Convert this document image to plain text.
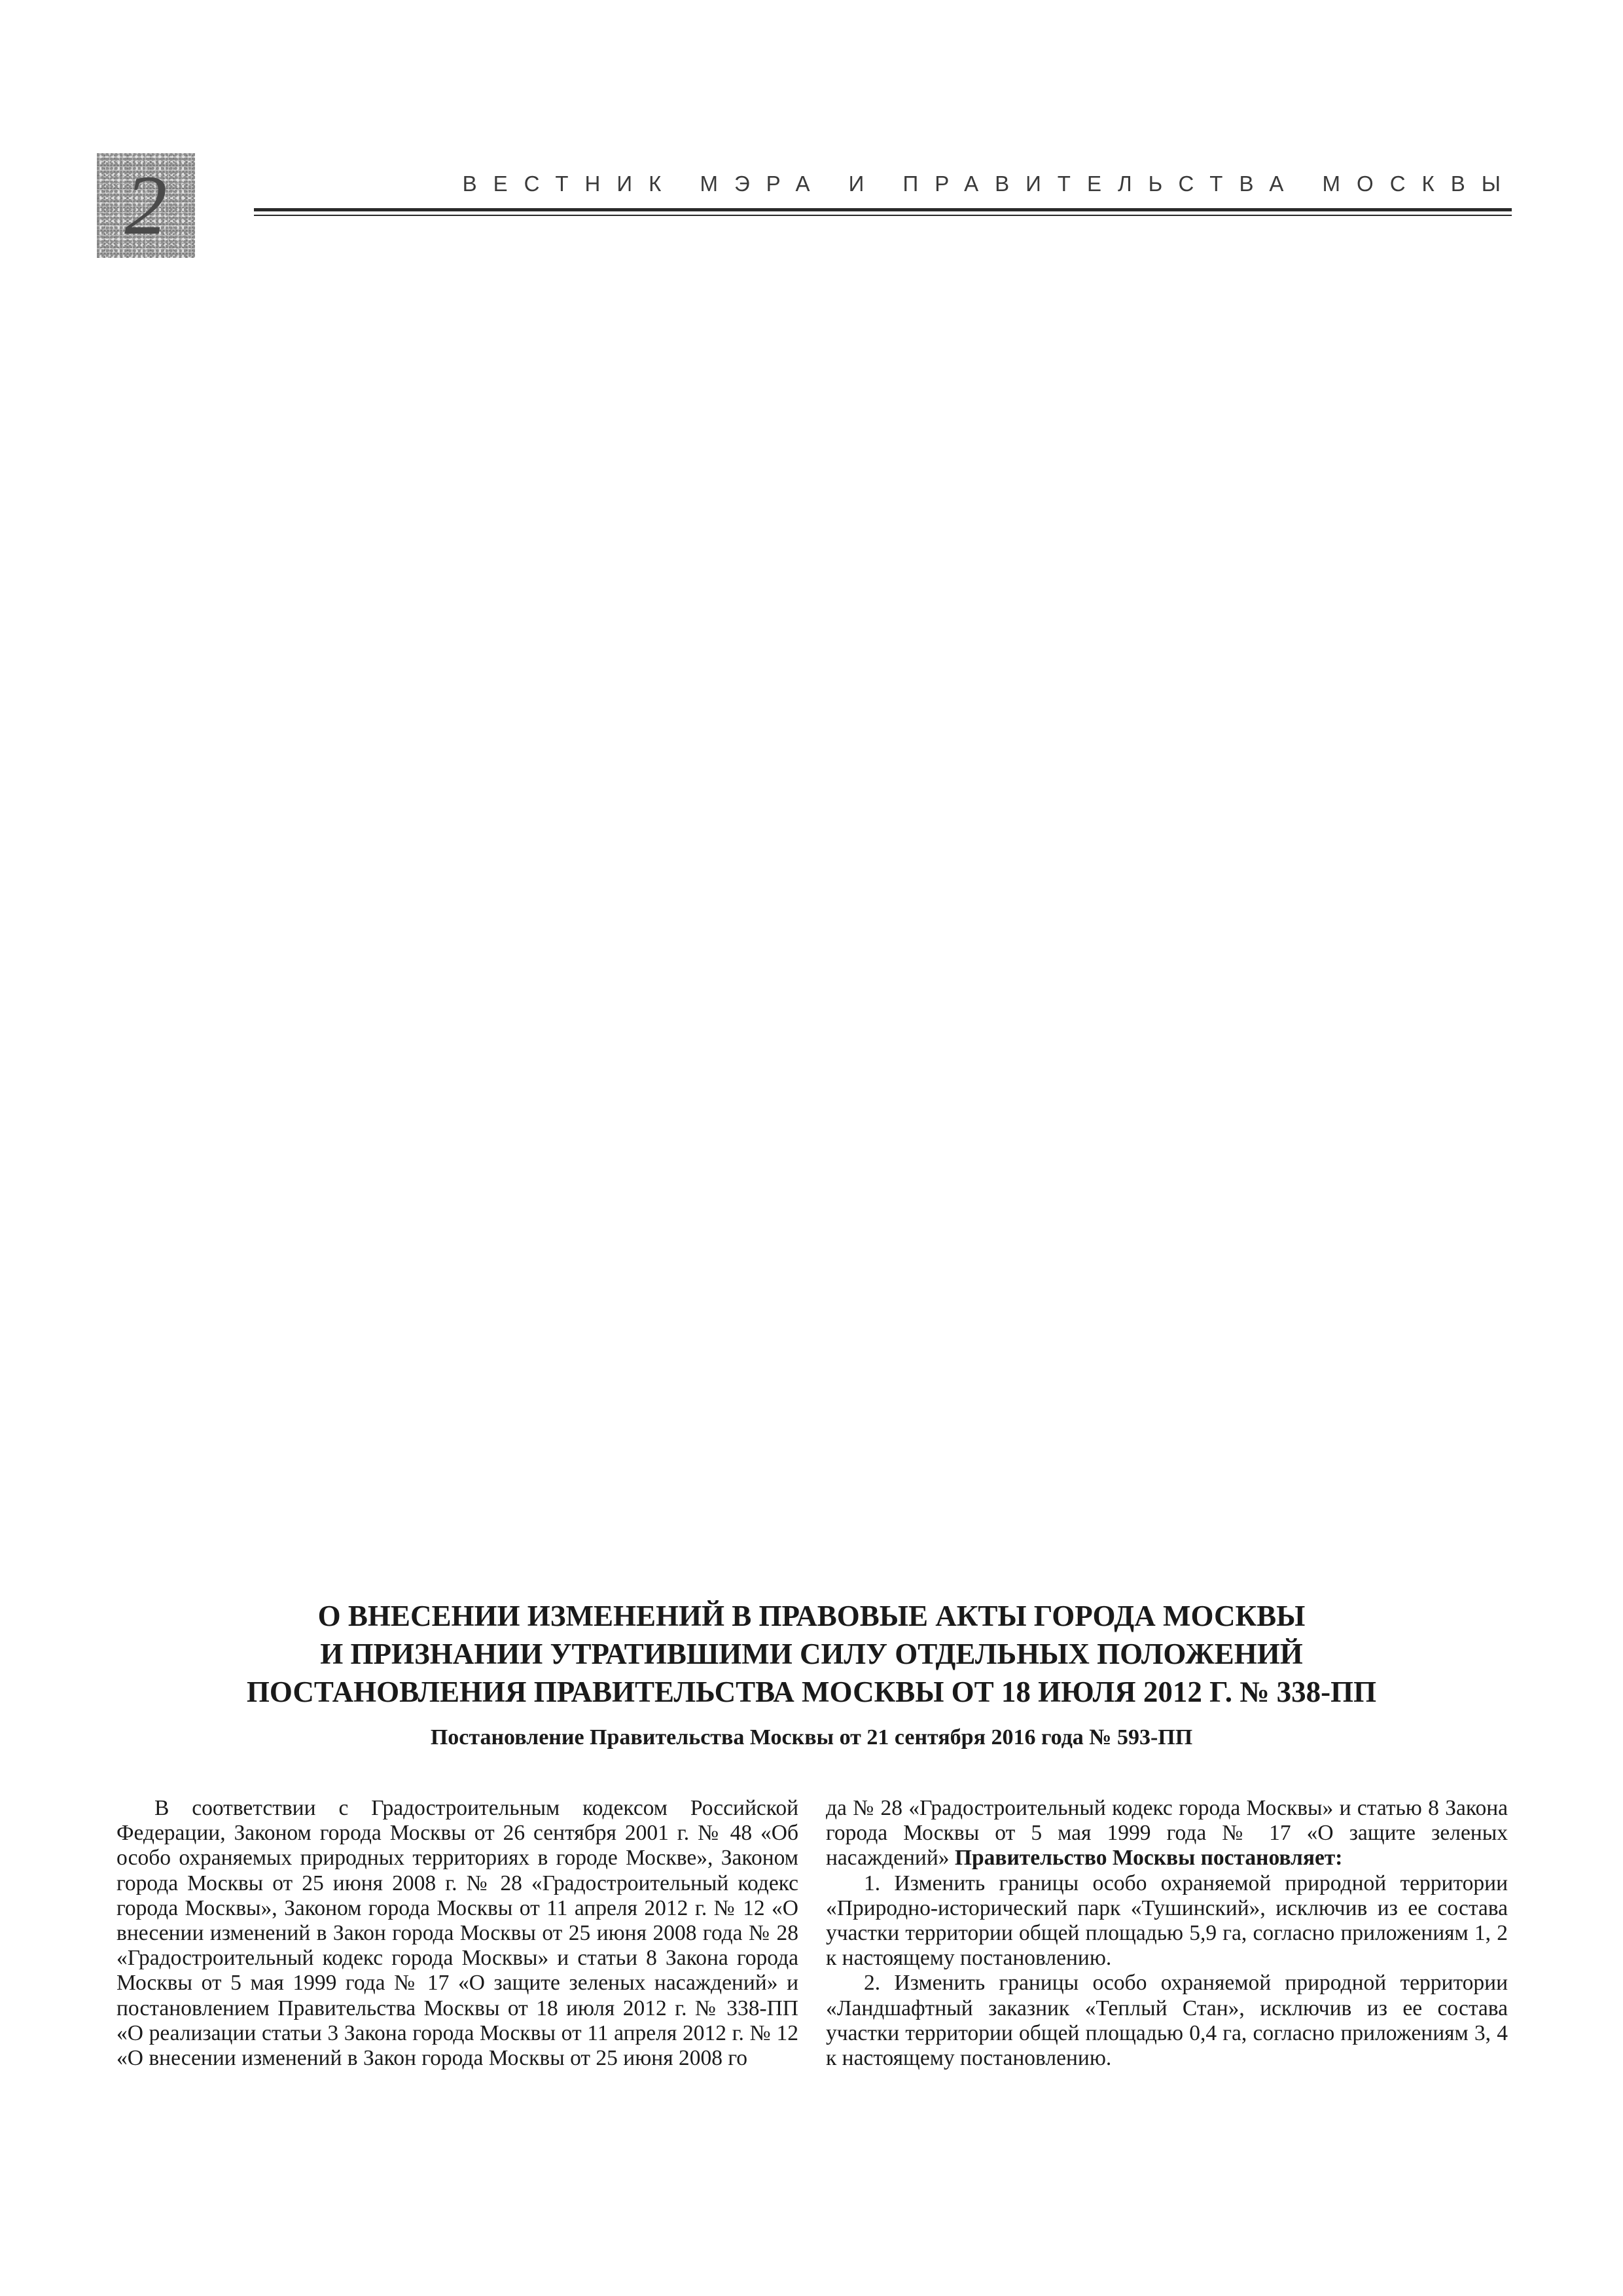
2	ВЕСТНИК МЭРА И ПРАВИТЕЛЬСТВА МОСКВЫ
О ВНЕСЕНИИ ИЗМЕНЕНИЙ В ПРАВОВЫЕ АКТЫ ГОРОДА МОСКВЫ
И ПРИЗНАНИИ УТРАТИВШИМИ СИЛУ ОТДЕЛЬНЫХ ПОЛОЖЕНИЙ
ПОСТАНОВЛЕНИЯ ПРАВИТЕЛЬСТВА МОСКВЫ ОТ 18 ИЮЛЯ 2012 Г. № 338-ПП
Постановление Правительства Москвы от 21 сентября 2016 года № 593-ПП

В соответствии с Градостроительным кодексом Российской Федерации, Законом города Москвы от 26 сентября 2001 г. № 48 «Об особо охраняемых природных территориях в городе Москве», Законом города Москвы от 25 июня 2008 г. № 28 «Градостроительный кодекс города Москвы», Законом города Москвы от 11 апреля 2012 г. № 12 «О внесении изменений в Закон города Москвы от 25 июня 2008 года № 28 «Градостроительный кодекс города Москвы» и статьи 8 Закона города Москвы от 5 мая 1999 года № 17 «О защите зеленых насаждений» и постановлением Правительства Москвы от 18 июля 2012 г. № 338-ПП «О реализации статьи 3 Закона города Москвы от 11 апреля 2012 г. № 12 «О внесении изменений в Закон города Москвы от 25 июня 2008 го

да № 28 «Градостроительный кодекс города Москвы» и статью 8 Закона города Москвы от 5 мая 1999 года № 17 «О защите зеленых насаждений» Правительство Москвы постановляет:

1. Изменить границы особо охраняемой природной территории «Природно-исторический парк «Тушинский», исключив из ее состава участки территории общей площадью 5,9 га, согласно приложениям 1, 2 к настоящему постановлению.

2. Изменить границы особо охраняемой природной территории «Ландшафтный заказник «Теплый Стан», исключив из ее состава участки территории общей площадью 0,4 га, согласно приложениям 3, 4 к настоящему постановлению.
